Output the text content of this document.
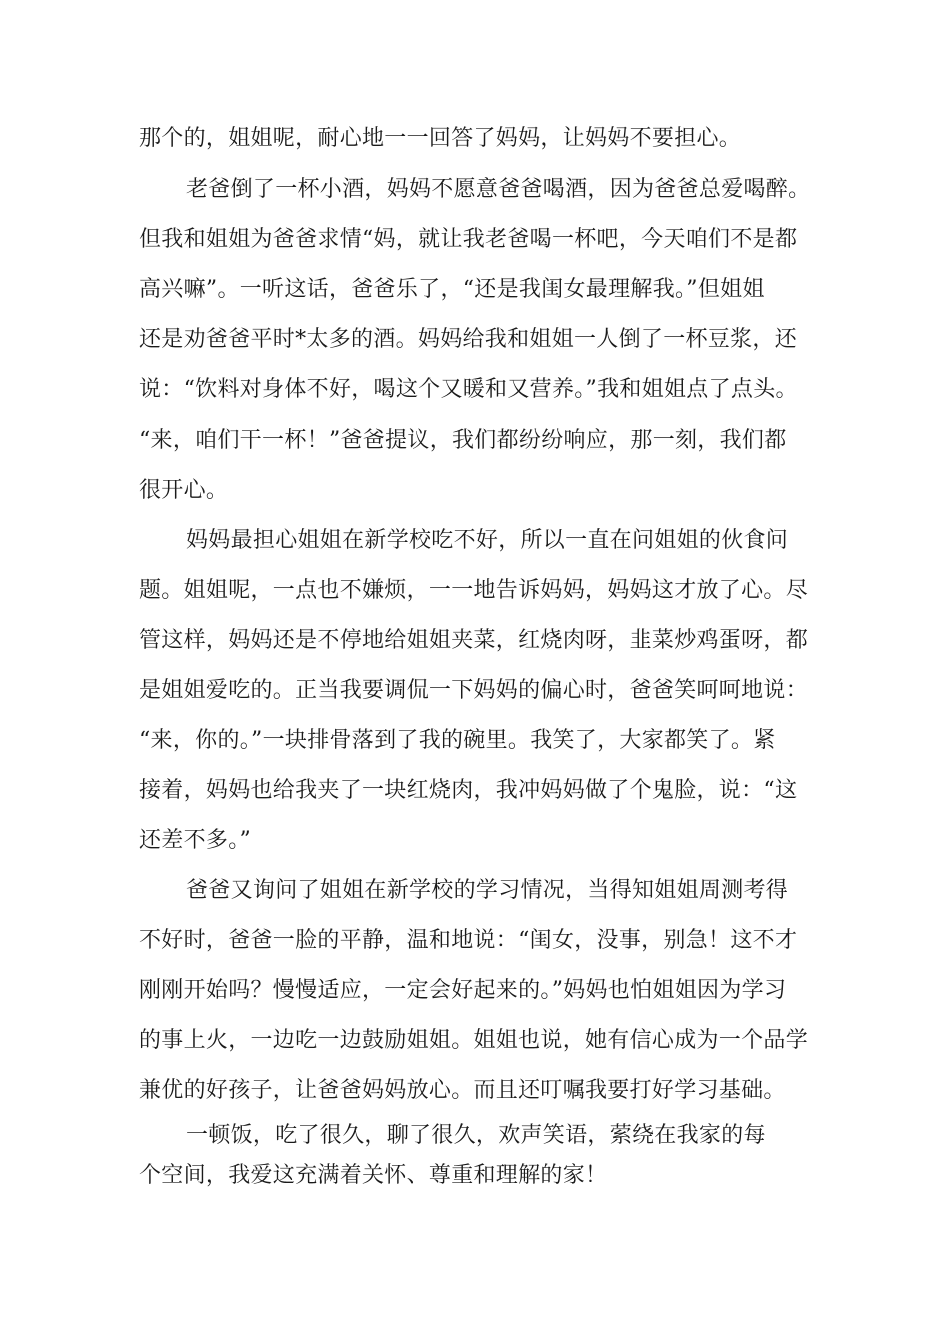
那个的，姐姐呢，耐心地一一回答了妈妈，让妈妈不要担心。
老爸倒了一杯小酒，妈妈不愿意爸爸喝酒，因为爸爸总爱喝醉。
但我和姐姐为爸爸求情“妈，就让我老爸喝一杯吧，今天咱们不是都
高兴嘛”。一听这话，爸爸乐了，“还是我闺女最理解我。”但姐姐
还是劝爸爸平时*太多的酒。妈妈给我和姐姐一人倒了一杯豆浆，还
说：“饮料对身体不好，喝这个又暖和又营养。”我和姐姐点了点头。
“来，咱们干一杯！”爸爸提议，我们都纷纷响应，那一刻，我们都
很开心。
妈妈最担心姐姐在新学校吃不好，所以一直在问姐姐的伙食问
题。姐姐呢，一点也不嫌烦，一一地告诉妈妈，妈妈这才放了心。尽
管这样，妈妈还是不停地给姐姐夹菜，红烧肉呀，韭菜炒鸡蛋呀，都
是姐姐爱吃的。正当我要调侃一下妈妈的偏心时，爸爸笑呵呵地说：
“来，你的。”一块排骨落到了我的碗里。我笑了，大家都笑了。紧
接着，妈妈也给我夹了一块红烧肉，我冲妈妈做了个鬼脸，说：“这
还差不多。”
爸爸又询问了姐姐在新学校的学习情况，当得知姐姐周测考得
不好时，爸爸一脸的平静，温和地说：“闺女，没事，别急！这不才
刚刚开始吗？慢慢适应，一定会好起来的。”妈妈也怕姐姐因为学习
的事上火，一边吃一边鼓励姐姐。姐姐也说，她有信心成为一个品学
兼优的好孩子，让爸爸妈妈放心。而且还叮嘱我要打好学习基础。
一顿饭，吃了很久，聊了很久，欢声笑语，萦绕在我家的每
个空间，我爱这充满着关怀、尊重和理解的家！
